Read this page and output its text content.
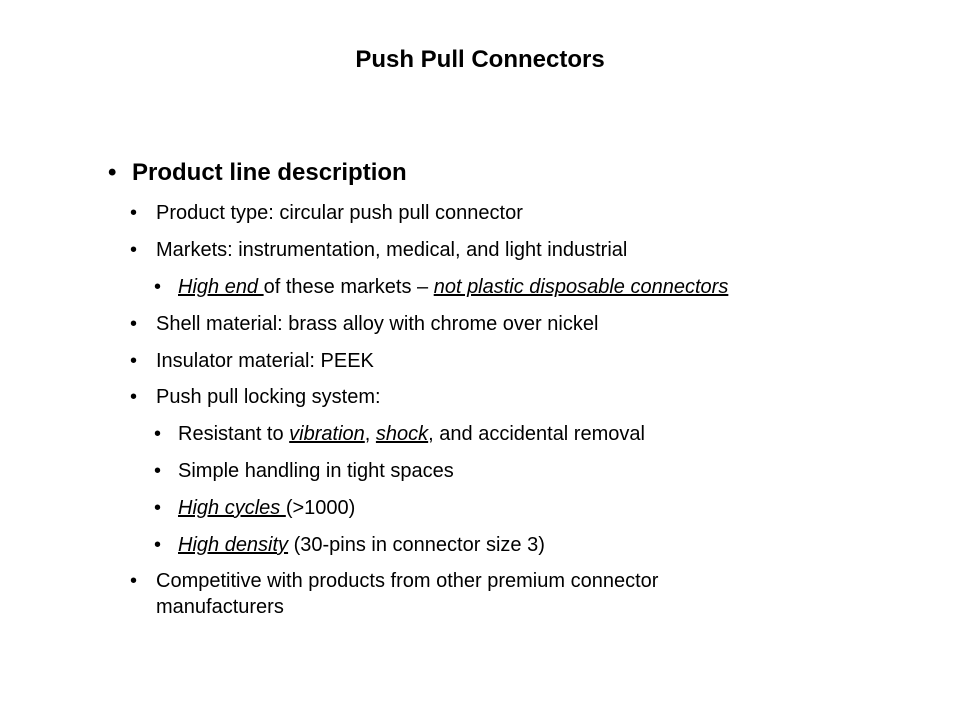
Push Pull Connectors
• Product line description
• Product type: circular push pull connector
• Markets: instrumentation, medical, and light industrial
• High end of these markets – not plastic disposable connectors
• Shell material: brass alloy with chrome over nickel
• Insulator material: PEEK
• Push pull locking system:
• Resistant to vibration, shock, and accidental removal
• Simple handling in tight spaces
• High cycles (>1000)
• High density (30-pins in connector size 3)
• Competitive with products from other premium connector
manufacturers
